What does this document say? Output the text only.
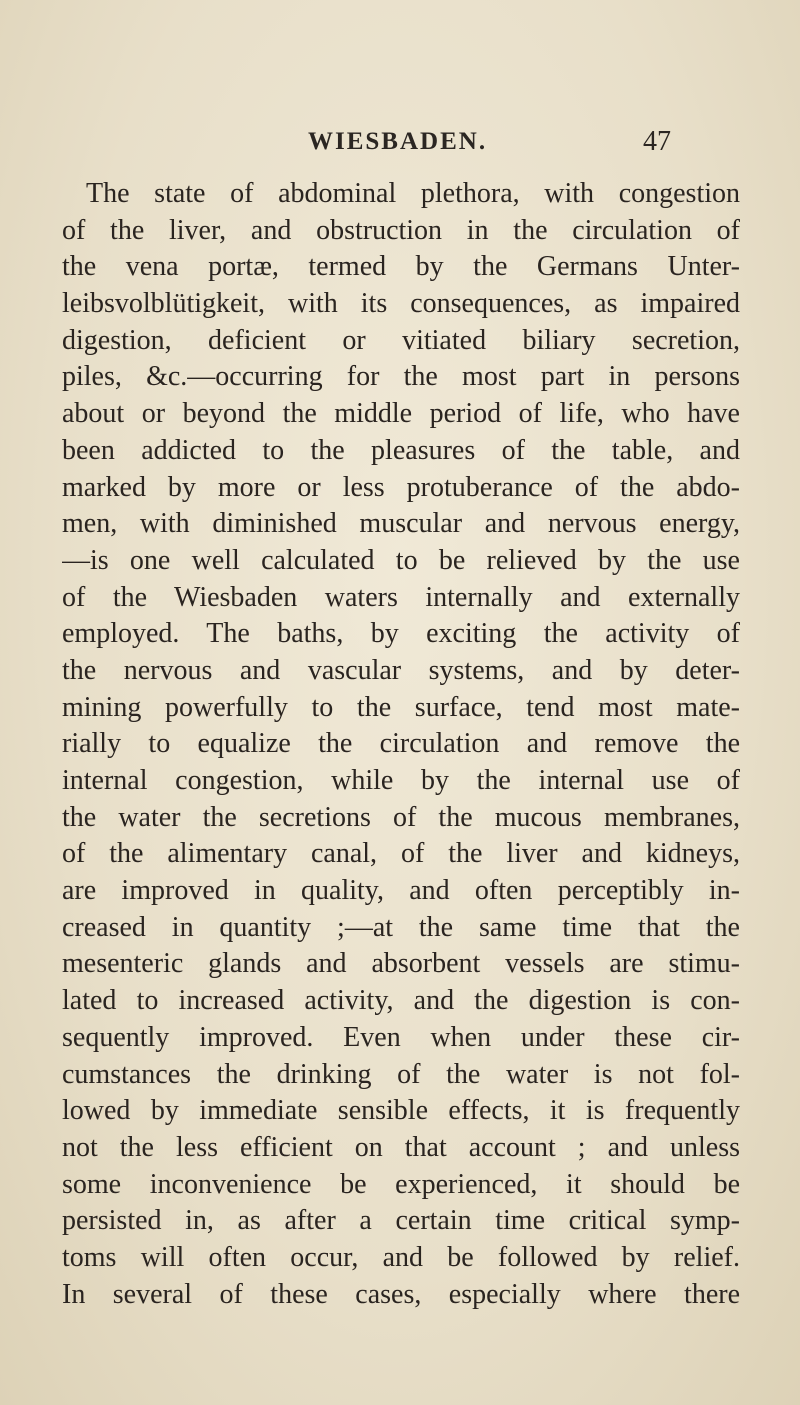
WIESBADEN.	47
The state of abdominal plethora, with congestion
of the liver, and obstruction in the circulation of
the vena portæ, termed by the Germans Unter-
leibsvolblütigkeit, with its consequences, as impaired
digestion, deficient or vitiated biliary secretion,
piles, &c.—occurring for the most part in persons
about or beyond the middle period of life, who have
been addicted to the pleasures of the table, and
marked by more or less protuberance of the abdo-
men, with diminished muscular and nervous energy,
—is one well calculated to be relieved by the use
of the Wiesbaden waters internally and externally
employed. The baths, by exciting the activity of
the nervous and vascular systems, and by deter-
mining powerfully to the surface, tend most mate-
rially to equalize the circulation and remove the
internal congestion, while by the internal use of
the water the secretions of the mucous membranes,
of the alimentary canal, of the liver and kidneys,
are improved in quality, and often perceptibly in-
creased in quantity ;—at the same time that the
mesenteric glands and absorbent vessels are stimu-
lated to increased activity, and the digestion is con-
sequently improved. Even when under these cir-
cumstances the drinking of the water is not fol-
lowed by immediate sensible effects, it is frequently
not the less efficient on that account ; and unless
some inconvenience be experienced, it should be
persisted in, as after a certain time critical symp-
toms will often occur, and be followed by relief.
In several of these cases, especially where there
